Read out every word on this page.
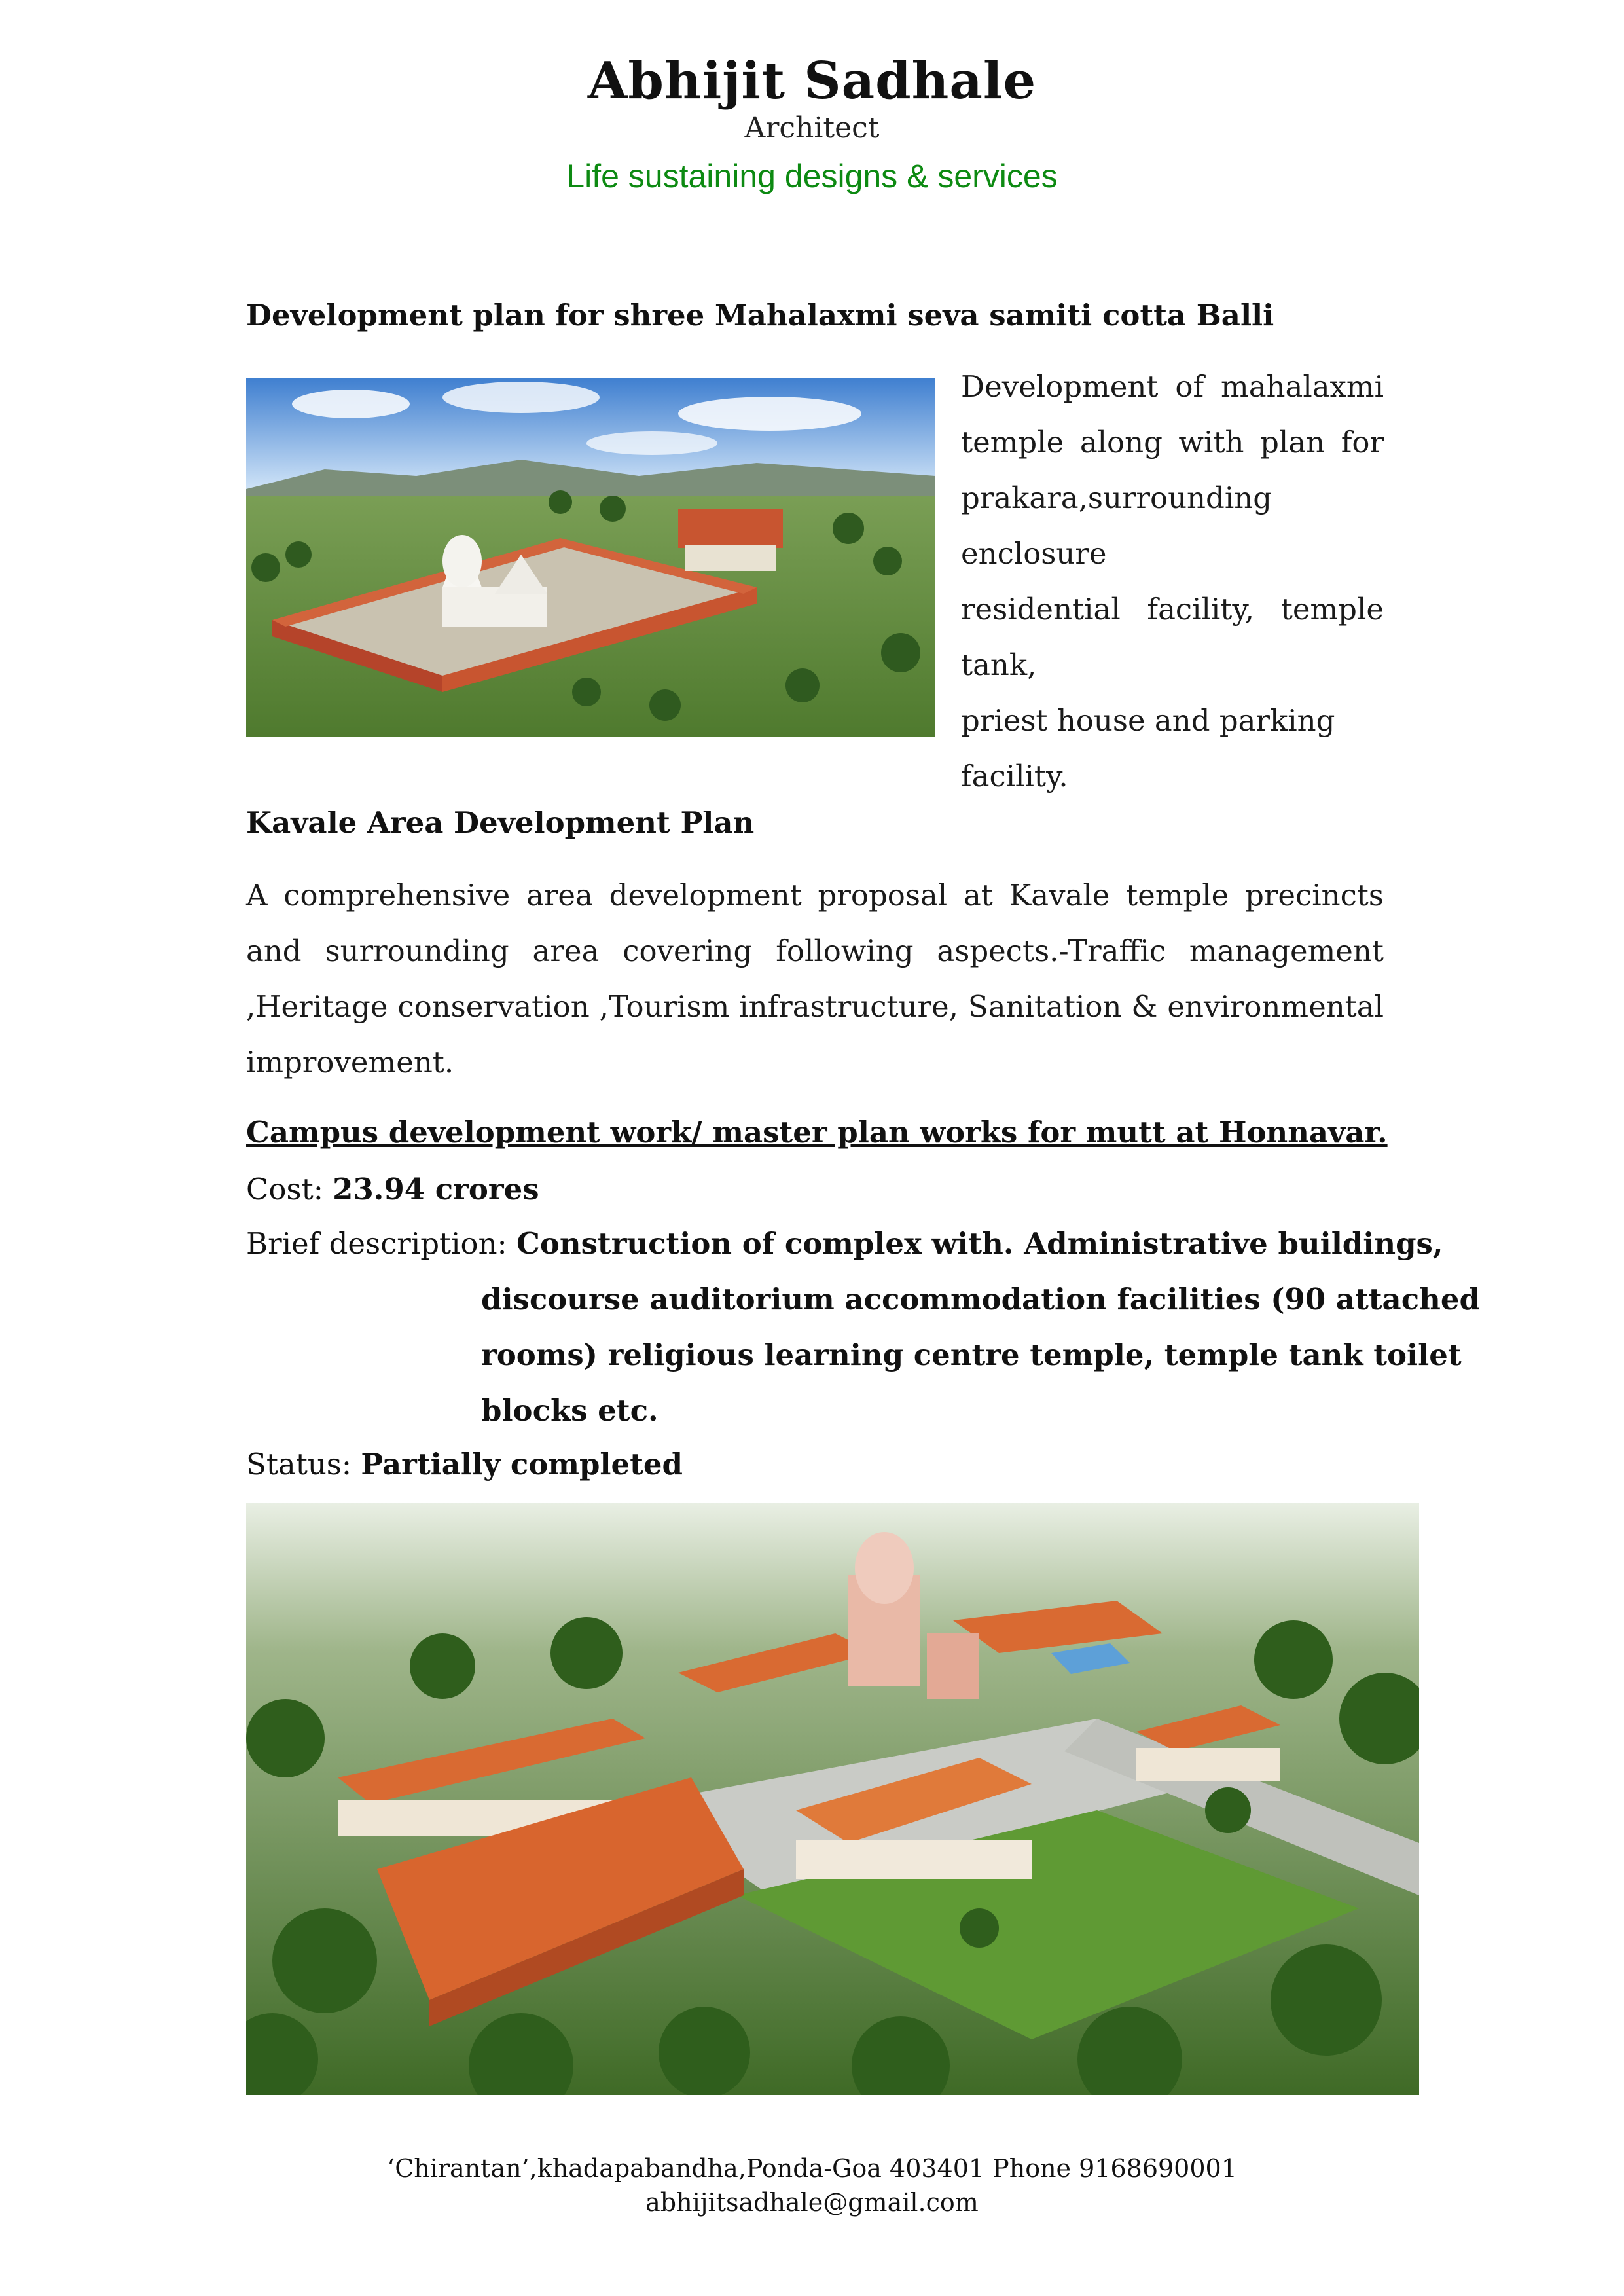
Abhijit Sadhale
Architect
Life sustaining designs & services
Development plan for shree Mahalaxmi seva samiti cotta Balli
Development of mahalaxmi
temple along with plan for
prakara,surrounding enclosure
residential facility, temple tank,
priest house and parking facility.
Kavale Area Development Plan
A comprehensive area development proposal at Kavale temple precincts and surrounding area covering following aspects.-Traffic management ,Heritage conservation ,Tourism infrastructure, Sanitation & environmental improvement.
Campus development work/ master plan works for mutt at Honnavar.
Cost: 23.94 crores
Brief description: Construction of complex with. Administrative buildings,
discourse auditorium accommodation facilities (90 attached
rooms) religious learning centre temple, temple tank toilet
blocks etc.
Status: Partially completed
‘Chirantan’,khadapabandha,Ponda-Goa 403401 Phone 9168690001
abhijitsadhale@gmail.com
